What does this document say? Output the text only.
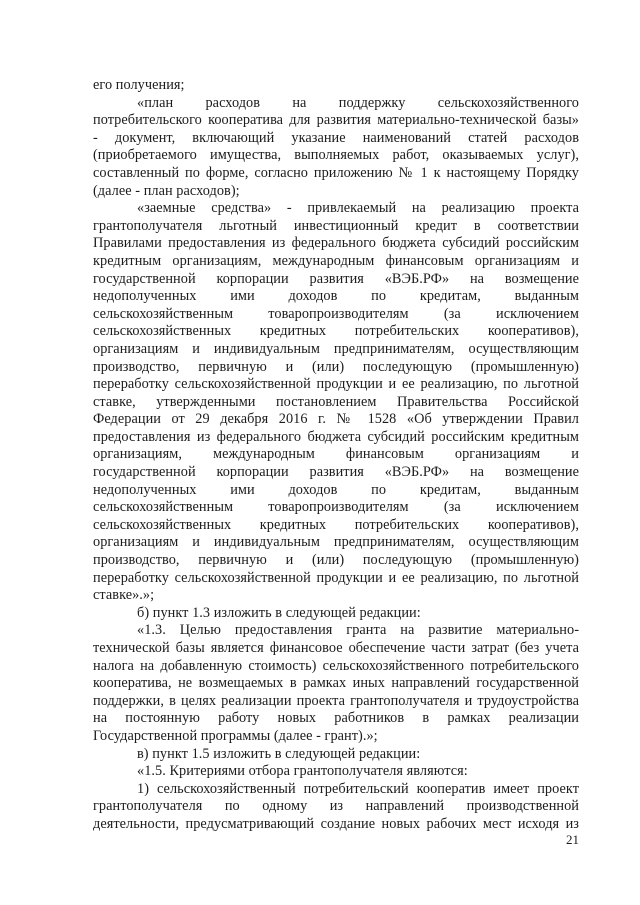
его получения;
«план расходов на поддержку сельскохозяйственного
потребительского кооператива для развития материально-технической базы»
- документ, включающий указание наименований статей расходов
(приобретаемого имущества, выполняемых работ, оказываемых услуг),
составленный по форме, согласно приложению № 1 к настоящему Порядку
(далее - план расходов);
«заемные средства» - привлекаемый на реализацию проекта
грантополучателя льготный инвестиционный кредит в соответствии
Правилами предоставления из федерального бюджета субсидий российским
кредитным организациям, международным финансовым организациям и
государственной корпорации развития «ВЭБ.РФ» на возмещение
недополученных ими доходов по кредитам, выданным
сельскохозяйственным товаропроизводителям (за исключением
сельскохозяйственных кредитных потребительских кооперативов),
организациям и индивидуальным предпринимателям, осуществляющим
производство, первичную и (или) последующую (промышленную)
переработку сельскохозяйственной продукции и ее реализацию, по льготной
ставке, утвержденными постановлением Правительства Российской
Федерации от 29 декабря 2016 г. № 1528 «Об утверждении Правил
предоставления из федерального бюджета субсидий российским кредитным
организациям, международным финансовым организациям и
государственной корпорации развития «ВЭБ.РФ» на возмещение
недополученных ими доходов по кредитам, выданным
сельскохозяйственным товаропроизводителям (за исключением
сельскохозяйственных кредитных потребительских кооперативов),
организациям и индивидуальным предпринимателям, осуществляющим
производство, первичную и (или) последующую (промышленную)
переработку сельскохозяйственной продукции и ее реализацию, по льготной
ставке».»;
б) пункт 1.3 изложить в следующей редакции:
«1.3. Целью предоставления гранта на развитие материально-
технической базы является финансовое обеспечение части затрат (без учета
налога на добавленную стоимость) сельскохозяйственного потребительского
кооператива, не возмещаемых в рамках иных направлений государственной
поддержки, в целях реализации проекта грантополучателя и трудоустройства
на постоянную работу новых работников в рамках реализации
Государственной программы (далее - грант).»;
в) пункт 1.5 изложить в следующей редакции:
«1.5. Критериями отбора грантополучателя являются:
1) сельскохозяйственный потребительский кооператив имеет проект
грантополучателя по одному из направлений производственной
деятельности, предусматривающий создание новых рабочих мест исходя из
21
